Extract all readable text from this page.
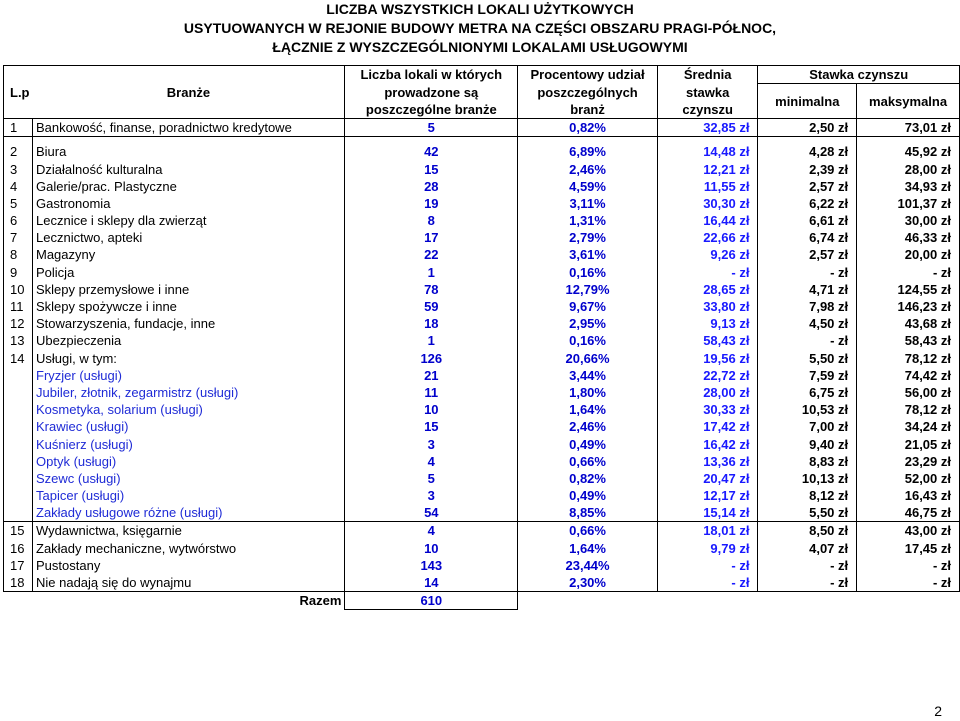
LICZBA WSZYSTKICH LOKALI UŻYTKOWYCH
USYTUOWANYCH W REJONIE BUDOWY METRA NA CZĘŚCI OBSZARU PRAGI-PÓŁNOC,
ŁĄCZNIE Z WYSZCZEGÓLNIONYMI LOKALAMI USŁUGOWYMI
L.p	Branże	Liczba lokali w których	Procentowy udział	Średnia	Stawka czynszu	
		prowadzone są	poszczególnych	stawka	minimalna	maksymalna
		poszczególne branże	branż	czynszu		
1	Bankowość, finanse, poradnictwo kredytowe	5	0,82%	32,85 zł	2,50 zł	73,01 zł

2	Biura	42	6,89%	14,48 zł	4,28 zł	45,92 zł
3	Działalność kulturalna	15	2,46%	12,21 zł	2,39 zł	28,00 zł
4	Galerie/prac. Plastyczne	28	4,59%	11,55 zł	2,57 zł	34,93 zł
5	Gastronomia	19	3,11%	30,30 zł	6,22 zł	101,37 zł
6	Lecznice i sklepy dla zwierząt	8	1,31%	16,44 zł	6,61 zł	30,00 zł
7	Lecznictwo, apteki	17	2,79%	22,66 zł	6,74 zł	46,33 zł
8	Magazyny	22	3,61%	9,26 zł	2,57 zł	20,00 zł
9	Policja	1	0,16%	- zł	- zł	- zł
10	Sklepy przemysłowe i inne	78	12,79%	28,65 zł	4,71 zł	124,55 zł
11	Sklepy spożywcze i inne	59	9,67%	33,80 zł	7,98 zł	146,23 zł
12	Stowarzyszenia, fundacje, inne	18	2,95%	9,13 zł	4,50 zł	43,68 zł
13	Ubezpieczenia	1	0,16%	58,43 zł	- zł	58,43 zł
14	Usługi, w tym:	126	20,66%	19,56 zł	5,50 zł	78,12 zł
	Fryzjer (usługi)	21	3,44%	22,72 zł	7,59 zł	74,42 zł
	Jubiler, złotnik, zegarmistrz (usługi)	11	1,80%	28,00 zł	6,75 zł	56,00 zł
	Kosmetyka, solarium (usługi)	10	1,64%	30,33 zł	10,53 zł	78,12 zł
	Krawiec (usługi)	15	2,46%	17,42 zł	7,00 zł	34,24 zł
	Kuśnierz (usługi)	3	0,49%	16,42 zł	9,40 zł	21,05 zł
	Optyk (usługi)	4	0,66%	13,36 zł	8,83 zł	23,29 zł
	Szewc (usługi)	5	0,82%	20,47 zł	10,13 zł	52,00 zł
	Tapicer (usługi)	3	0,49%	12,17 zł	8,12 zł	16,43 zł
	Zakłady usługowe różne (usługi)	54	8,85%	15,14 zł	5,50 zł	46,75 zł
15	Wydawnictwa, księgarnie	4	0,66%	18,01 zł	8,50 zł	43,00 zł
16	Zakłady mechaniczne, wytwórstwo	10	1,64%	9,79 zł	4,07 zł	17,45 zł
17	Pustostany	143	23,44%	- zł	- zł	- zł
18	Nie nadają się do wynajmu	14	2,30%	- zł	- zł	- zł
	Razem	610				
2
